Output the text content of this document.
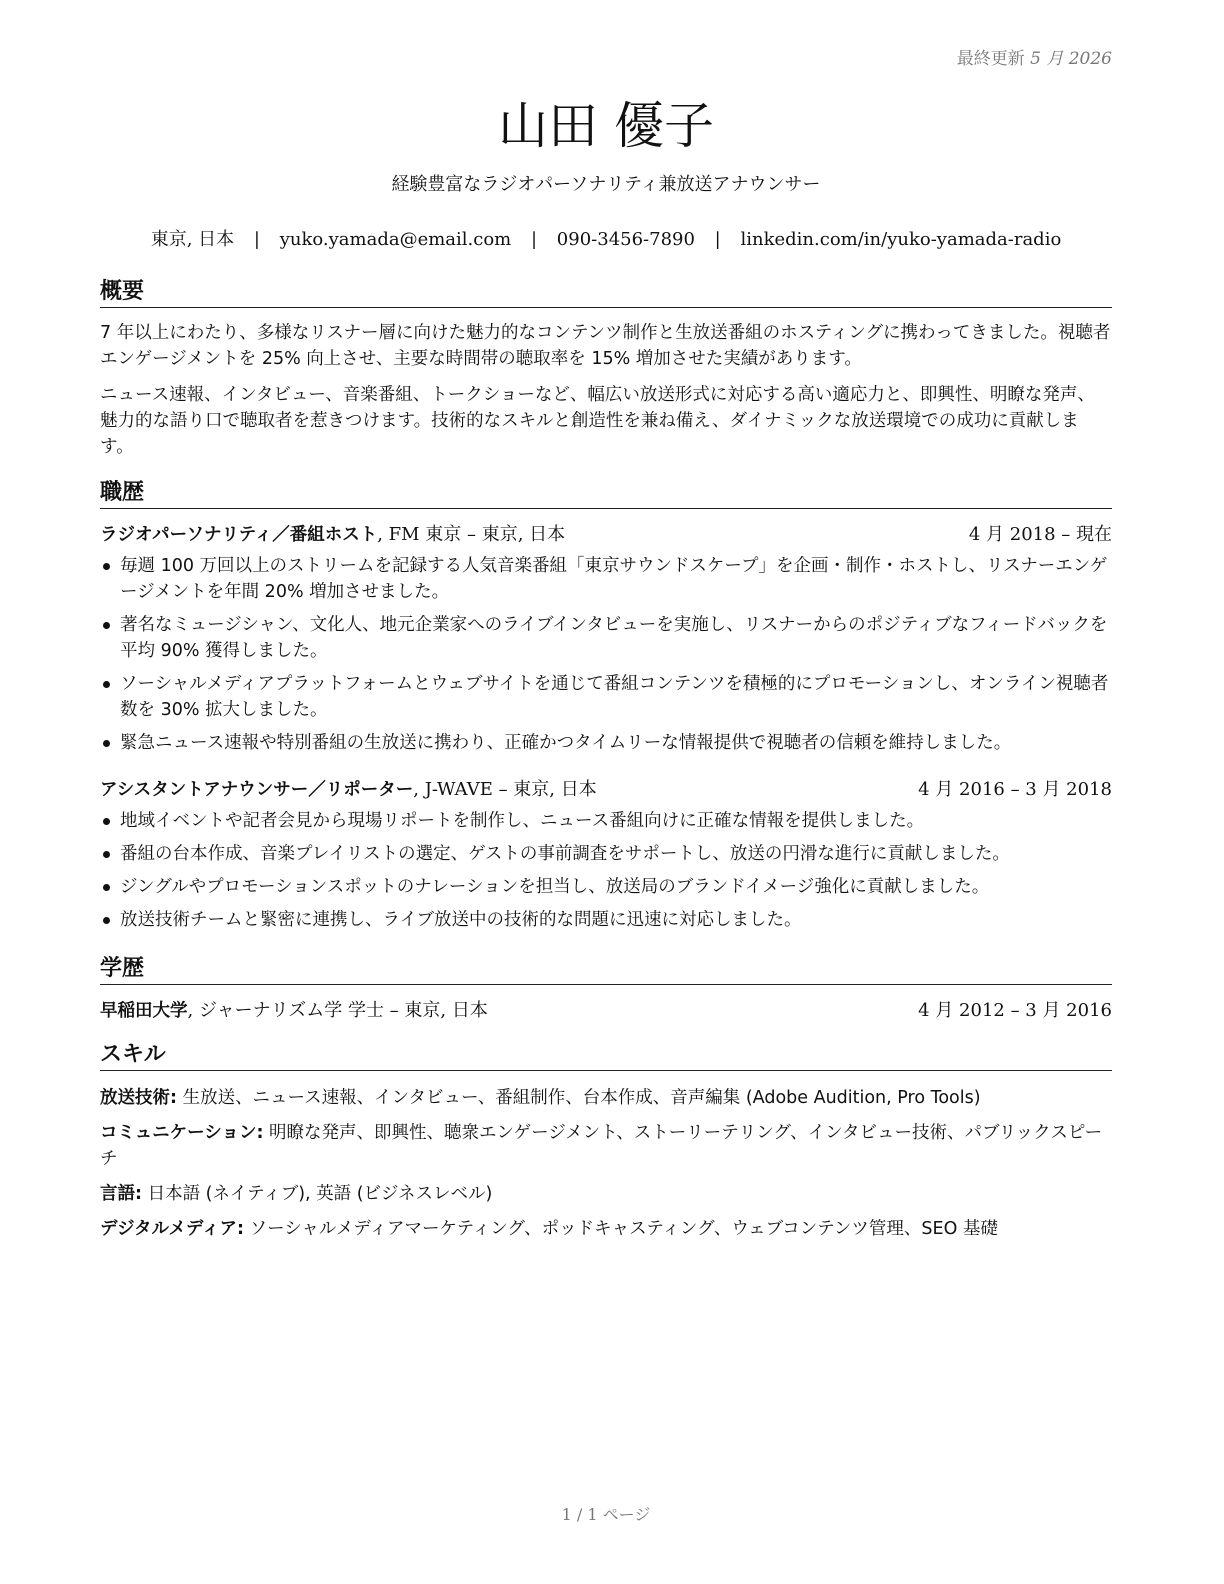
最終更新 5 月 2026
山田 優子
経験豊富なラジオパーソナリティ兼放送アナウンサー
東京, 日本 | yuko.yamada@email.com | 090-3456-7890 | linkedin.com/in/yuko-yamada-radio
概要
7 年以上にわたり、多様なリスナー層に向けた魅力的なコンテンツ制作と生放送番組のホスティングに携わってきました。視聴者エンゲージメントを 25% 向上させ、主要な時間帯の聴取率を 15% 増加させた実績があります。
ニュース速報、インタビュー、音楽番組、トークショーなど、幅広い放送形式に対応する高い適応力と、即興性、明瞭な発声、魅力的な語り口で聴取者を惹きつけます。技術的なスキルと創造性を兼ね備え、ダイナミックな放送環境での成功に貢献します。
職歴
ラジオパーソナリティ／番組ホスト, FM 東京 – 東京, 日本	4 月 2018 – 現在
毎週 100 万回以上のストリームを記録する人気音楽番組「東京サウンドスケープ」を企画・制作・ホストし、リスナーエンゲージメントを年間 20% 増加させました。
著名なミュージシャン、文化人、地元企業家へのライブインタビューを実施し、リスナーからのポジティブなフィードバックを平均 90% 獲得しました。
ソーシャルメディアプラットフォームとウェブサイトを通じて番組コンテンツを積極的にプロモーションし、オンライン視聴者数を 30% 拡大しました。
緊急ニュース速報や特別番組の生放送に携わり、正確かつタイムリーな情報提供で視聴者の信頼を維持しました。
アシスタントアナウンサー／リポーター, J-WAVE – 東京, 日本	4 月 2016 – 3 月 2018
地域イベントや記者会見から現場リポートを制作し、ニュース番組向けに正確な情報を提供しました。
番組の台本作成、音楽プレイリストの選定、ゲストの事前調査をサポートし、放送の円滑な進行に貢献しました。
ジングルやプロモーションスポットのナレーションを担当し、放送局のブランドイメージ強化に貢献しました。
放送技術チームと緊密に連携し、ライブ放送中の技術的な問題に迅速に対応しました。
学歴
早稲田大学, ジャーナリズム学 学士 – 東京, 日本	4 月 2012 – 3 月 2016
スキル
放送技術: 生放送、ニュース速報、インタビュー、番組制作、台本作成、音声編集 (Adobe Audition, Pro Tools)
コミュニケーション: 明瞭な発声、即興性、聴衆エンゲージメント、ストーリーテリング、インタビュー技術、パブリックスピーチ
言語: 日本語 (ネイティブ), 英語 (ビジネスレベル)
デジタルメディア: ソーシャルメディアマーケティング、ポッドキャスティング、ウェブコンテンツ管理、SEO 基礎
1 / 1 ページ
